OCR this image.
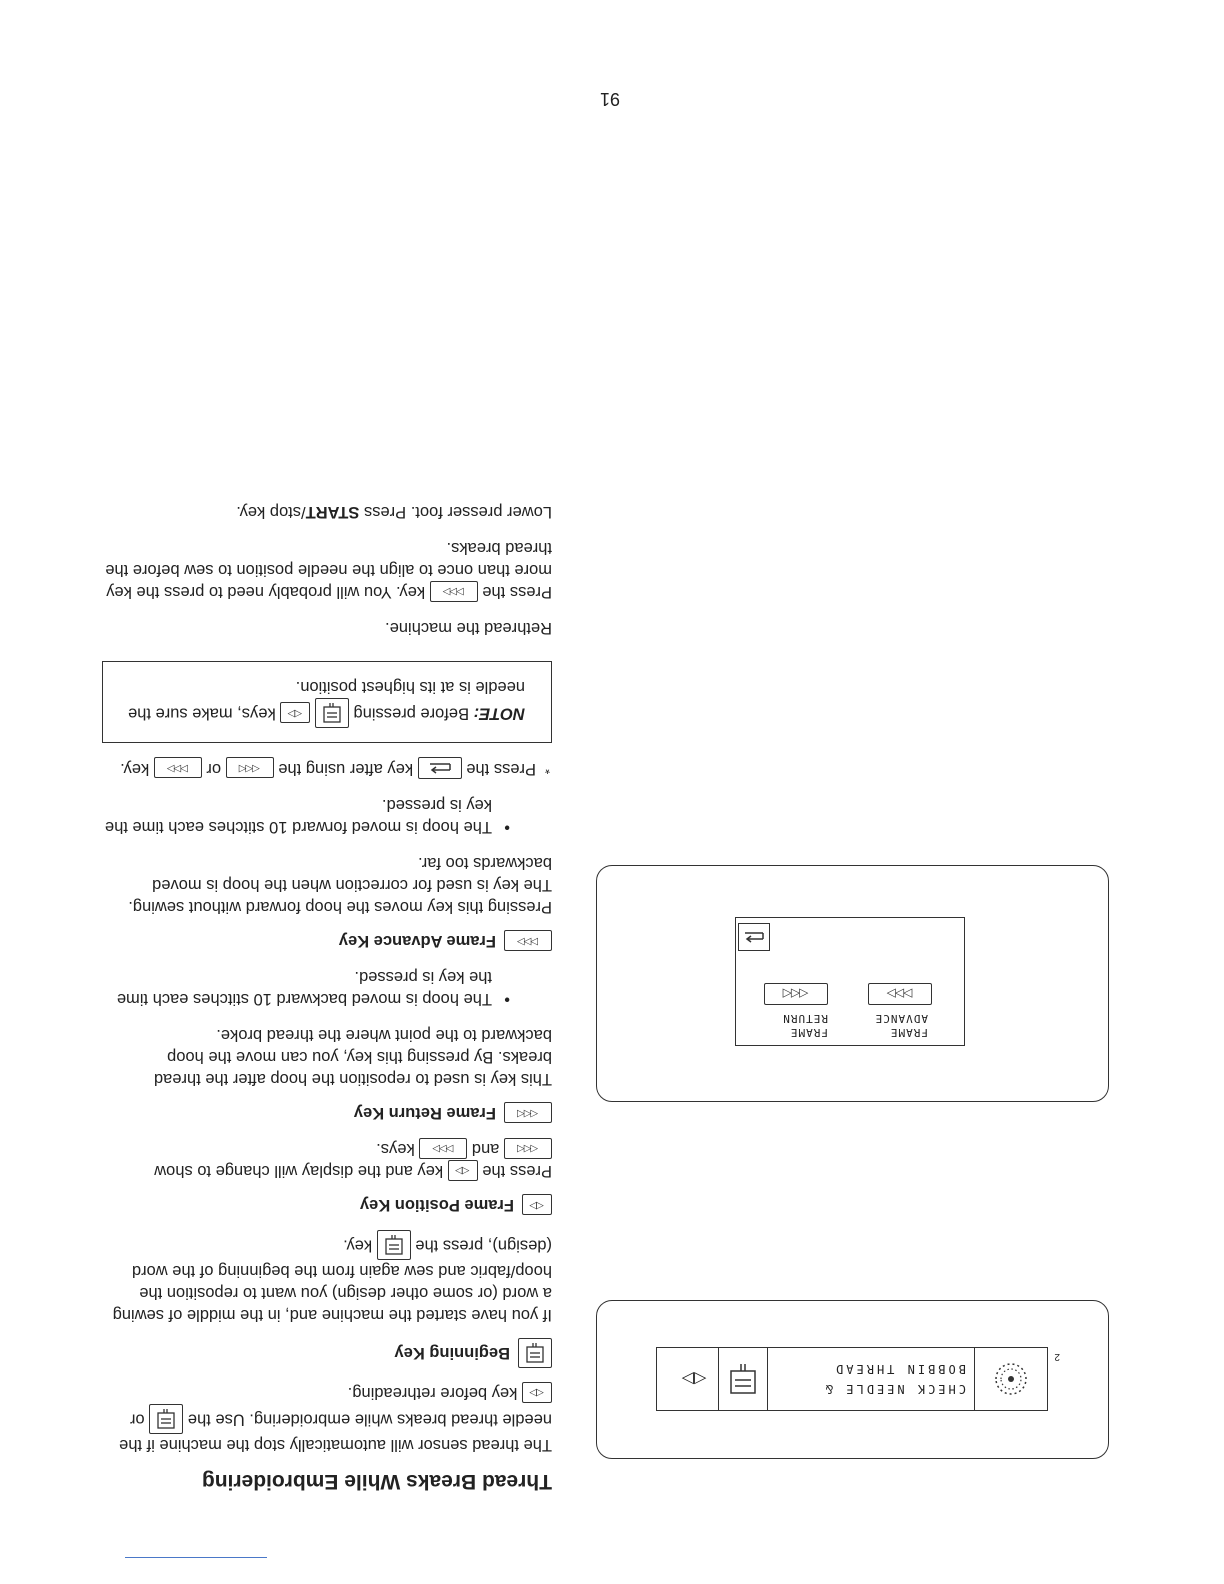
Thread Breaks While Embroidering
The thread sensor will automatically stop the machine if the needle thread breaks while embroidering. Use the
or ◁▷ key before rethreading.
Beginning Key
If you have started the machine and, in the middle of sewing a word (or some other design) you want to reposition the hoop/fabric and sew again from the beginning of the word (design), press the
key.
◁▷
Frame Position Key
Press the ◁▷ key and the display will change to show ◁◁◁ and ▷▷▷ keys.
◁◁◁
Frame Return Key
This key is used to reposition the hoop after the thread breaks. By pressing this key, you can move the hoop backward to the point where the thread broke.
• The hoop is moved backward 10 stitches each time the key is pressed.
▷▷▷
Frame Advance Key
Pressing this key moves the hoop forward without sewing. The key is used for correction when the hoop is moved backwards too far.
• The hoop is moved forward 10 stitches each time the key is pressed.
* Press the
key after using the ◁◁◁ or ▷▷▷ key.
NOTE: Before pressing
◁▷ keys, make sure the needle is at its highest position.
Rethread the machine.
Press the ▷▷▷ key. You will probably need to press the key more than once to align the needle position to sew before the thread breaks.
Lower presser foot. Press START/stop key.
CHECK NEEDLE &
BOBBIN THREAD
◁▷
2
▷▷▷
◁◁◁
FRAME
ADVANCE
FRAME
RETURN
91
